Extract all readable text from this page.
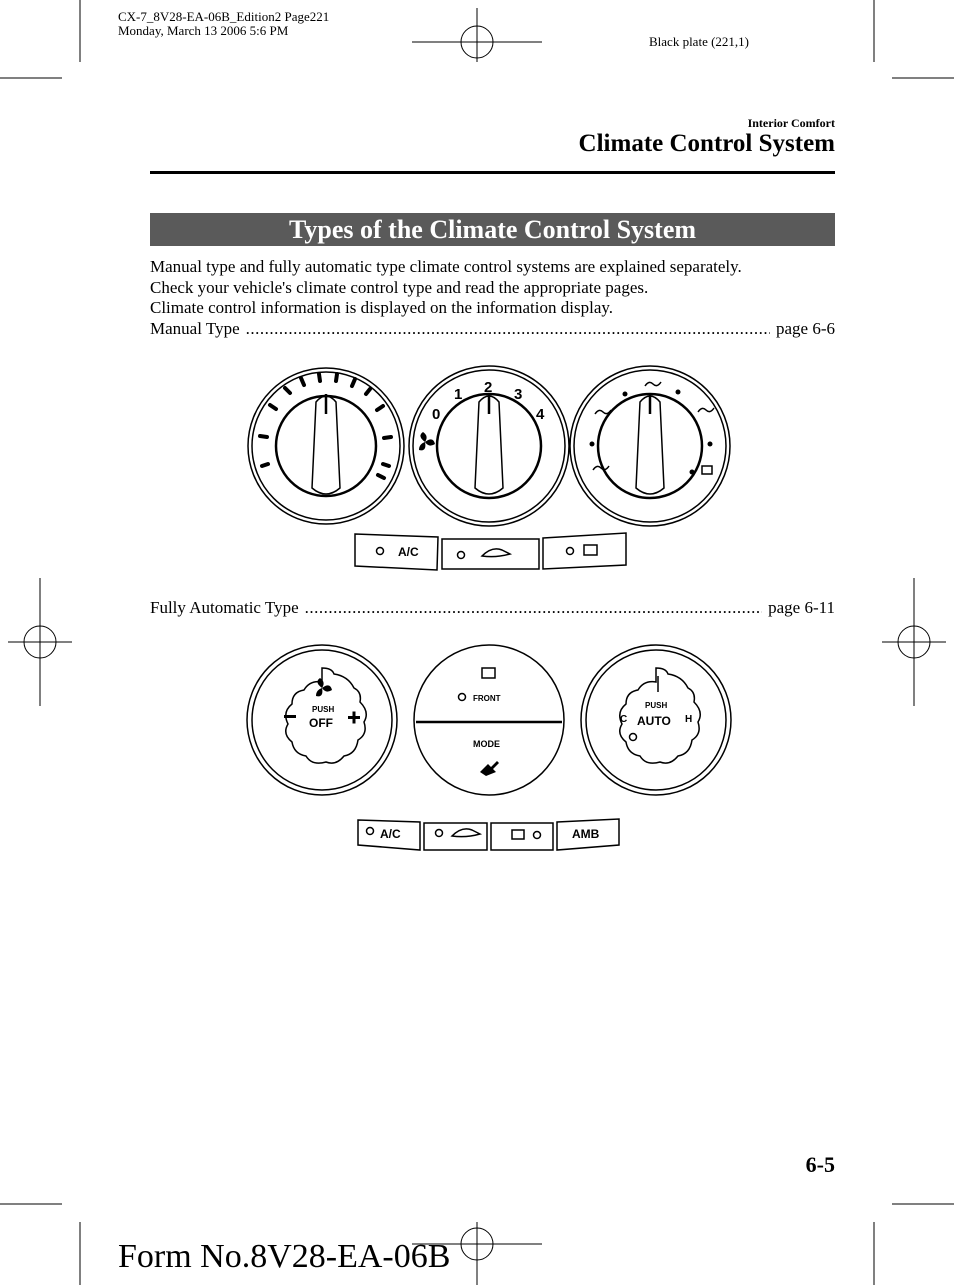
CX-7_8V28-EA-06B_Edition2 Page221
Monday, March 13 2006 5:6 PM
Black plate (221,1)
Interior Comfort
Climate Control System
Types of the Climate Control System
Manual type and fully automatic type climate control systems are explained separately.
Check your vehicle's climate control type and read the appropriate pages.
Climate control information is displayed on the information display.
Manual Type .....	page 6-6
0
1 2 3
4
A/C
Fully Automatic Type .....	page 6-11
PUSH	PUSH
FRONT
MODE
OFF	AUTO
C	H
A/C	AMB
6-5
Form No.8V28-EA-06B
